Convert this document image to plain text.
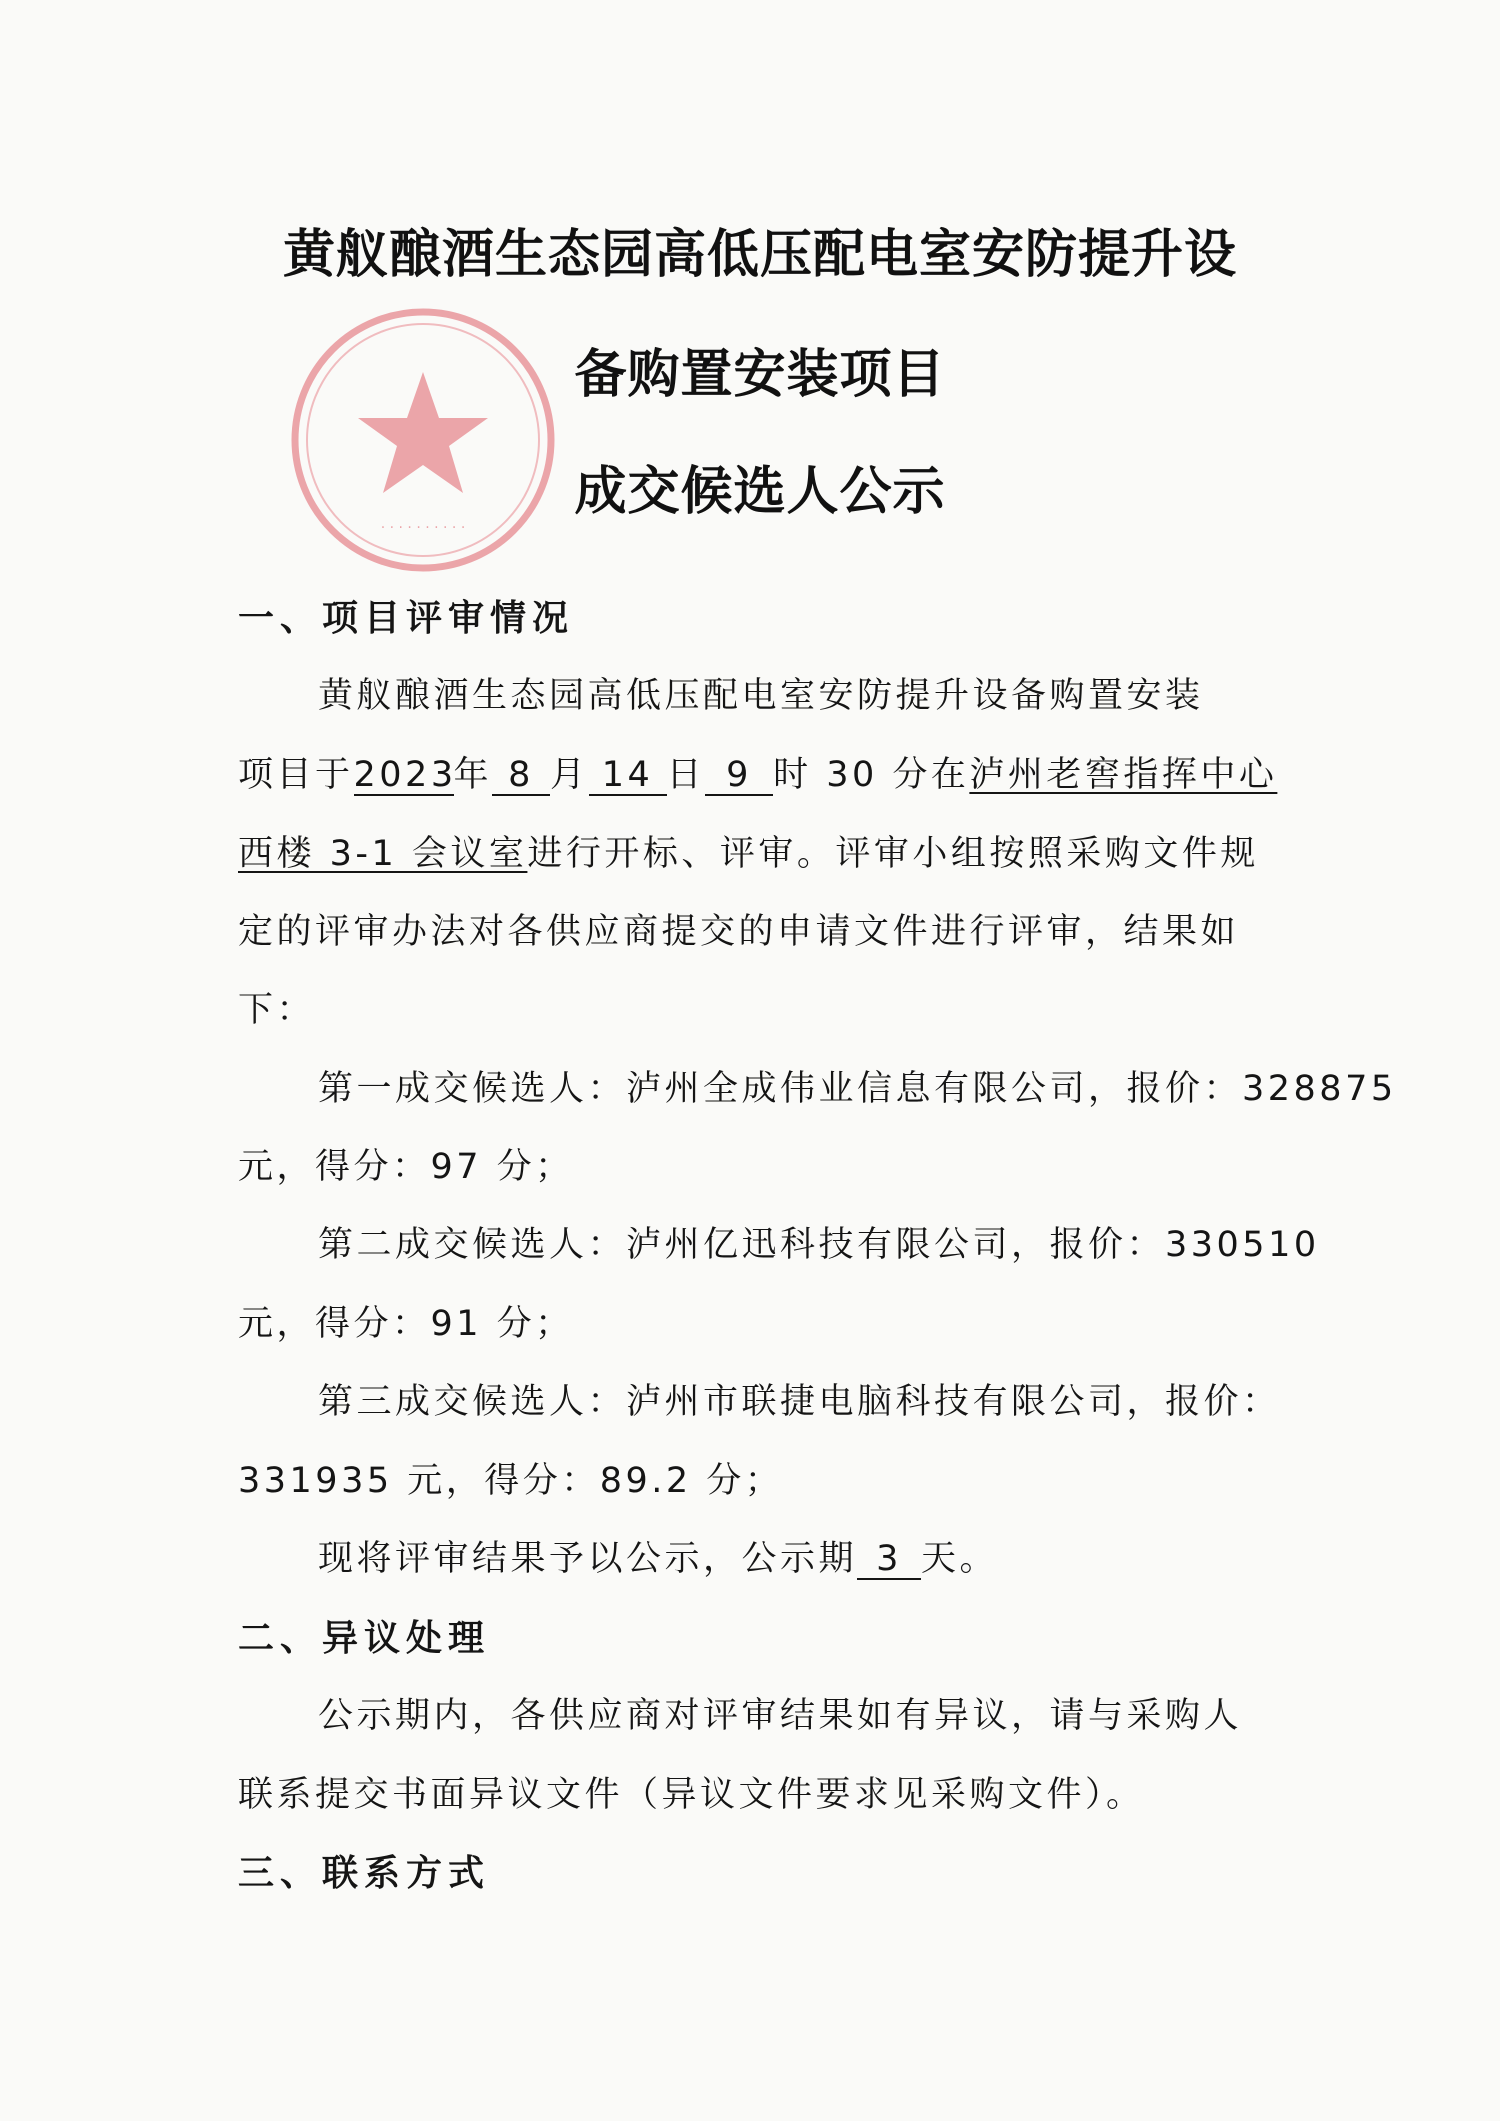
· · · · · · · · · ·
黄舣酿酒生态园高低压配电室安防提升设
备购置安装项目
成交候选人公示
一、项目评审情况
黄舣酿酒生态园高低压配电室安防提升设备购置安装
项目于2023年 8 月 14 日 9 时 30 分在泸州老窖指挥中心
西楼 3-1 会议室进行开标、评审。评审小组按照采购文件规
定的评审办法对各供应商提交的申请文件进行评审，结果如
下：
第一成交候选人：泸州全成伟业信息有限公司，报价：328875
元，得分：97 分；
第二成交候选人：泸州亿迅科技有限公司，报价：330510
元，得分：91 分；
第三成交候选人：泸州市联捷电脑科技有限公司，报价：
331935 元，得分：89.2 分；
现将评审结果予以公示，公示期 3 天。
二、异议处理
公示期内，各供应商对评审结果如有异议，请与采购人
联系提交书面异议文件（异议文件要求见采购文件）。
三、联系方式
